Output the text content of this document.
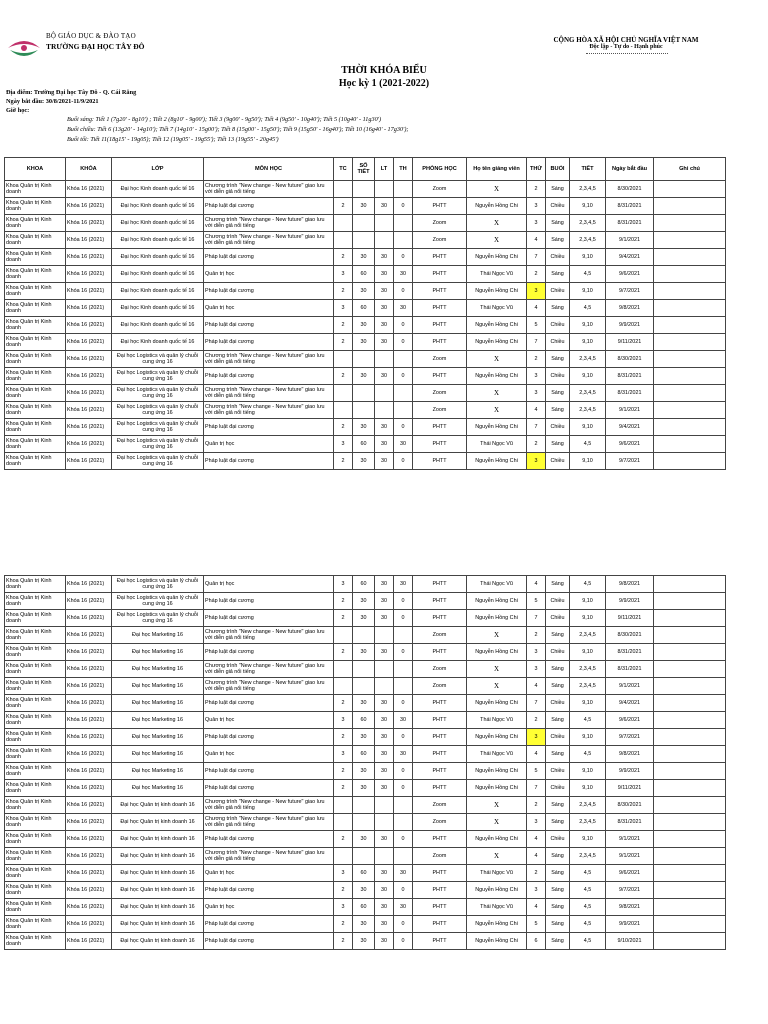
BỘ GIÁO DỤC & ĐÀO TẠO
TRƯỜNG ĐẠI HỌC TÂY ĐÔ
CỘNG HÒA XÃ HỘI CHỦ NGHĨA VIỆT NAM
Độc lập - Tự do - Hạnh phúc
THỜI KHÓA BIỂU
Học kỳ 1 (2021-2022)
Địa điểm: Trường Đại học Tây Đô - Q. Cái Răng
Ngày bắt đầu: 30/8/2021-11/9/2021
Giờ học:
Buổi sáng: Tiết 1 (7g20' - 8g10') ; Tiết 2 (8g10' - 9g00'); Tiết 3 (9g00' - 9g50'); Tiết 4 (9g50' - 10g40'); Tiết 5 (10g40' - 11g30')
Buổi chiều: Tiết 6 (13g20' - 14g10'); Tiết 7 (14g10' - 15g00'); Tiết 8 (15g00' - 15g50'); Tiết 9 (15g50' - 16g40'); Tiết 10 (16g40' - 17g30');
Buổi tối: Tiết 11(18g15' - 19g05); Tiết 12 (19g05' - 19g55'); Tiết 13 (19g55' - 20g45')
KHOA	KHÓA	LỚP	MÔN HỌC	TC	SỐ TIẾT	LT	TH	PHÒNG HỌC	Họ tên giảng viên	THỨ	BUỔI	TIẾT	Ngày bắt đầu	Ghi chú
Khoa Quản trị Kinh doanh	Khóa 16 (2021)	Đại học Kinh doanh quốc tế 16	Chương trình "New change - New future" giao lưu với diễn giả nổi tiếng					Zoom	X	2	Sáng	2,3,4,5	8/30/2021	
Khoa Quản trị Kinh doanh	Khóa 16 (2021)	Đại học Kinh doanh quốc tế 16	Pháp luật đại cương	2	30	30	0	PHTT	Nguyễn Hồng Chi	3	Chiều	9,10	8/31/2021	
Khoa Quản trị Kinh doanh	Khóa 16 (2021)	Đại học Kinh doanh quốc tế 16	Chương trình "New change - New future" giao lưu với diễn giả nổi tiếng					Zoom	X	3	Sáng	2,3,4,5	8/31/2021	
Khoa Quản trị Kinh doanh	Khóa 16 (2021)	Đại học Kinh doanh quốc tế 16	Chương trình "New change - New future" giao lưu với diễn giả nổi tiếng					Zoom	X	4	Sáng	2,3,4,5	9/1/2021	
Khoa Quản trị Kinh doanh	Khóa 16 (2021)	Đại học Kinh doanh quốc tế 16	Pháp luật đại cương	2	30	30	0	PHTT	Nguyễn Hồng Chi	7	Chiều	9,10	9/4/2021	
Khoa Quản trị Kinh doanh	Khóa 16 (2021)	Đại học Kinh doanh quốc tế 16	Quản trị học	3	60	30	30	PHTT	Thái Ngọc Vũ	2	Sáng	4,5	9/6/2021	
Khoa Quản trị Kinh doanh	Khóa 16 (2021)	Đại học Kinh doanh quốc tế 16	Pháp luật đại cương	2	30	30	0	PHTT	Nguyễn Hồng Chi	3	Chiều	9,10	9/7/2021	
Khoa Quản trị Kinh doanh	Khóa 16 (2021)	Đại học Kinh doanh quốc tế 16	Quản trị học	3	60	30	30	PHTT	Thái Ngọc Vũ	4	Sáng	4,5	9/8/2021	
Khoa Quản trị Kinh doanh	Khóa 16 (2021)	Đại học Kinh doanh quốc tế 16	Pháp luật đại cương	2	30	30	0	PHTT	Nguyễn Hồng Chi	5	Chiều	9,10	9/9/2021	
Khoa Quản trị Kinh doanh	Khóa 16 (2021)	Đại học Kinh doanh quốc tế 16	Pháp luật đại cương	2	30	30	0	PHTT	Nguyễn Hồng Chi	7	Chiều	9,10	9/11/2021	
Khoa Quản trị Kinh doanh	Khóa 16 (2021)	Đại học Logistics và quản lý chuỗi cung ứng 16	Chương trình "New change - New future" giao lưu với diễn giả nổi tiếng					Zoom	X	2	Sáng	2,3,4,5	8/30/2021	
Khoa Quản trị Kinh doanh	Khóa 16 (2021)	Đại học Logistics và quản lý chuỗi cung ứng 16	Pháp luật đại cương	2	30	30	0	PHTT	Nguyễn Hồng Chi	3	Chiều	9,10	8/31/2021	
Khoa Quản trị Kinh doanh	Khóa 16 (2021)	Đại học Logistics và quản lý chuỗi cung ứng 16	Chương trình "New change - New future" giao lưu với diễn giả nổi tiếng					Zoom	X	3	Sáng	2,3,4,5	8/31/2021	
Khoa Quản trị Kinh doanh	Khóa 16 (2021)	Đại học Logistics và quản lý chuỗi cung ứng 16	Chương trình "New change - New future" giao lưu với diễn giả nổi tiếng					Zoom	X	4	Sáng	2,3,4,5	9/1/2021	
Khoa Quản trị Kinh doanh	Khóa 16 (2021)	Đại học Logistics và quản lý chuỗi cung ứng 16	Pháp luật đại cương	2	30	30	0	PHTT	Nguyễn Hồng Chi	7	Chiều	9,10	9/4/2021	
Khoa Quản trị Kinh doanh	Khóa 16 (2021)	Đại học Logistics và quản lý chuỗi cung ứng 16	Quản trị học	3	60	30	30	PHTT	Thái Ngọc Vũ	2	Sáng	4,5	9/6/2021	
Khoa Quản trị Kinh doanh	Khóa 16 (2021)	Đại học Logistics và quản lý chuỗi cung ứng 16	Pháp luật đại cương	2	30	30	0	PHTT	Nguyễn Hồng Chi	3	Chiều	9,10	9/7/2021	
Khoa Quản trị Kinh doanh	Khóa 16 (2021)	Đại học Logistics và quản lý chuỗi cung ứng 16	Quản trị học	3	60	30	30	PHTT	Thái Ngọc Vũ	4	Sáng	4,5	9/8/2021	
Khoa Quản trị Kinh doanh	Khóa 16 (2021)	Đại học Logistics và quản lý chuỗi cung ứng 16	Pháp luật đại cương	2	30	30	0	PHTT	Nguyễn Hồng Chi	5	Chiều	9,10	9/9/2021	
Khoa Quản trị Kinh doanh	Khóa 16 (2021)	Đại học Logistics và quản lý chuỗi cung ứng 16	Pháp luật đại cương	2	30	30	0	PHTT	Nguyễn Hồng Chi	7	Chiều	9,10	9/11/2021	
Khoa Quản trị Kinh doanh	Khóa 16 (2021)	Đại học Marketing 16	Chương trình "New change - New future" giao lưu với diễn giả nổi tiếng					Zoom	X	2	Sáng	2,3,4,5	8/30/2021	
Khoa Quản trị Kinh doanh	Khóa 16 (2021)	Đại học Marketing 16	Pháp luật đại cương	2	30	30	0	PHTT	Nguyễn Hồng Chi	3	Chiều	9,10	8/31/2021	
Khoa Quản trị Kinh doanh	Khóa 16 (2021)	Đại học Marketing 16	Chương trình "New change - New future" giao lưu với diễn giả nổi tiếng					Zoom	X	3	Sáng	2,3,4,5	8/31/2021	
Khoa Quản trị Kinh doanh	Khóa 16 (2021)	Đại học Marketing 16	Chương trình "New change - New future" giao lưu với diễn giả nổi tiếng					Zoom	X	4	Sáng	2,3,4,5	9/1/2021	
Khoa Quản trị Kinh doanh	Khóa 16 (2021)	Đại học Marketing 16	Pháp luật đại cương	2	30	30	0	PHTT	Nguyễn Hồng Chi	7	Chiều	9,10	9/4/2021	
Khoa Quản trị Kinh doanh	Khóa 16 (2021)	Đại học Marketing 16	Quản trị học	3	60	30	30	PHTT	Thái Ngọc Vũ	2	Sáng	4,5	9/6/2021	
Khoa Quản trị Kinh doanh	Khóa 16 (2021)	Đại học Marketing 16	Pháp luật đại cương	2	30	30	0	PHTT	Nguyễn Hồng Chi	3	Chiều	9,10	9/7/2021	
Khoa Quản trị Kinh doanh	Khóa 16 (2021)	Đại học Marketing 16	Quản trị học	3	60	30	30	PHTT	Thái Ngọc Vũ	4	Sáng	4,5	9/8/2021	
Khoa Quản trị Kinh doanh	Khóa 16 (2021)	Đại học Marketing 16	Pháp luật đại cương	2	30	30	0	PHTT	Nguyễn Hồng Chi	5	Chiều	9,10	9/9/2021	
Khoa Quản trị Kinh doanh	Khóa 16 (2021)	Đại học Marketing 16	Pháp luật đại cương	2	30	30	0	PHTT	Nguyễn Hồng Chi	7	Chiều	9,10	9/11/2021	
Khoa Quản trị Kinh doanh	Khóa 16 (2021)	Đại học Quản trị kinh doanh 16	Chương trình "New change - New future" giao lưu với diễn giả nổi tiếng					Zoom	X	2	Sáng	2,3,4,5	8/30/2021	
Khoa Quản trị Kinh doanh	Khóa 16 (2021)	Đại học Quản trị kinh doanh 16	Chương trình "New change - New future" giao lưu với diễn giả nổi tiếng					Zoom	X	3	Sáng	2,3,4,5	8/31/2021	
Khoa Quản trị Kinh doanh	Khóa 16 (2021)	Đại học Quản trị kinh doanh 16	Pháp luật đại cương	2	30	30	0	PHTT	Nguyễn Hồng Chi	4	Chiều	9,10	9/1/2021	
Khoa Quản trị Kinh doanh	Khóa 16 (2021)	Đại học Quản trị kinh doanh 16	Chương trình "New change - New future" giao lưu với diễn giả nổi tiếng					Zoom	X	4	Sáng	2,3,4,5	9/1/2021	
Khoa Quản trị Kinh doanh	Khóa 16 (2021)	Đại học Quản trị kinh doanh 16	Quản trị học	3	60	30	30	PHTT	Thái Ngọc Vũ	2	Sáng	4,5	9/6/2021	
Khoa Quản trị Kinh doanh	Khóa 16 (2021)	Đại học Quản trị kinh doanh 16	Pháp luật đại cương	2	30	30	0	PHTT	Nguyễn Hồng Chi	3	Sáng	4,5	9/7/2021	
Khoa Quản trị Kinh doanh	Khóa 16 (2021)	Đại học Quản trị kinh doanh 16	Quản trị học	3	60	30	30	PHTT	Thái Ngọc Vũ	4	Sáng	4,5	9/8/2021	
Khoa Quản trị Kinh doanh	Khóa 16 (2021)	Đại học Quản trị kinh doanh 16	Pháp luật đại cương	2	30	30	0	PHTT	Nguyễn Hồng Chi	5	Sáng	4,5	9/9/2021	
Khoa Quản trị Kinh doanh	Khóa 16 (2021)	Đại học Quản trị kinh doanh 16	Pháp luật đại cương	2	30	30	0	PHTT	Nguyễn Hồng Chi	6	Sáng	4,5	9/10/2021	
